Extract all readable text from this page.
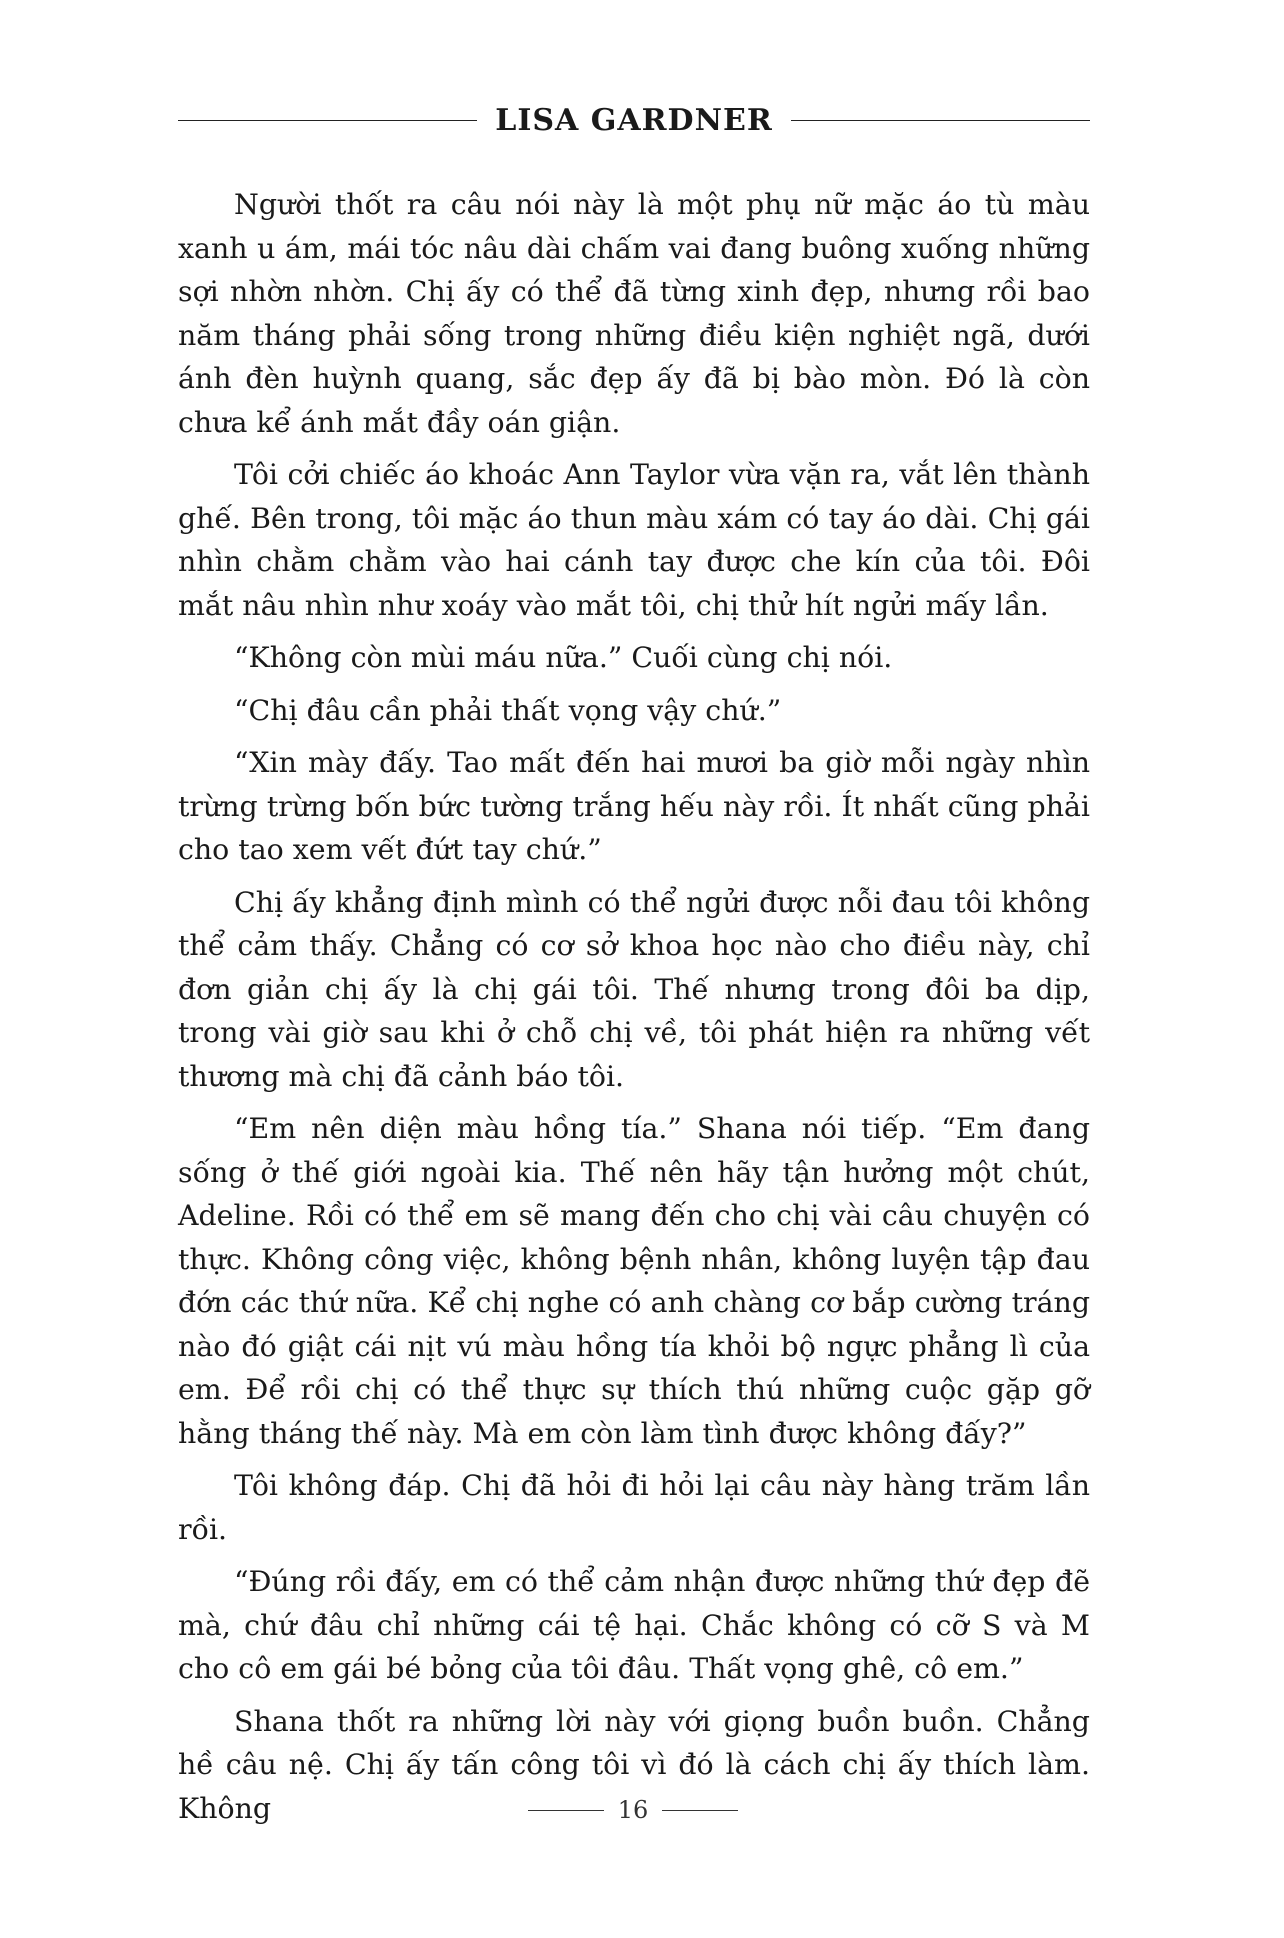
LISA GARDNER

Người thốt ra câu nói này là một phụ nữ mặc áo tù màu xanh u ám, mái tóc nâu dài chấm vai đang buông xuống những sợi nhờn nhờn. Chị ấy có thể đã từng xinh đẹp, nhưng rồi bao năm tháng phải sống trong những điều kiện nghiệt ngã, dưới ánh đèn huỳnh quang, sắc đẹp ấy đã bị bào mòn. Đó là còn chưa kể ánh mắt đầy oán giận.

Tôi cởi chiếc áo khoác Ann Taylor vừa vặn ra, vắt lên thành ghế. Bên trong, tôi mặc áo thun màu xám có tay áo dài. Chị gái nhìn chằm chằm vào hai cánh tay được che kín của tôi. Đôi mắt nâu nhìn như xoáy vào mắt tôi, chị thử hít ngửi mấy lần.

“Không còn mùi máu nữa.” Cuối cùng chị nói.

“Chị đâu cần phải thất vọng vậy chứ.”

“Xin mày đấy. Tao mất đến hai mươi ba giờ mỗi ngày nhìn trừng trừng bốn bức tường trắng hếu này rồi. Ít nhất cũng phải cho tao xem vết đứt tay chứ.”

Chị ấy khẳng định mình có thể ngửi được nỗi đau tôi không thể cảm thấy. Chẳng có cơ sở khoa học nào cho điều này, chỉ đơn giản chị ấy là chị gái tôi. Thế nhưng trong đôi ba dịp, trong vài giờ sau khi ở chỗ chị về, tôi phát hiện ra những vết thương mà chị đã cảnh báo tôi.

“Em nên diện màu hồng tía.” Shana nói tiếp. “Em đang sống ở thế giới ngoài kia. Thế nên hãy tận hưởng một chút, Adeline. Rồi có thể em sẽ mang đến cho chị vài câu chuyện có thực. Không công việc, không bệnh nhân, không luyện tập đau đớn các thứ nữa. Kể chị nghe có anh chàng cơ bắp cường tráng nào đó giật cái nịt vú màu hồng tía khỏi bộ ngực phẳng lì của em. Để rồi chị có thể thực sự thích thú những cuộc gặp gỡ hằng tháng thế này. Mà em còn làm tình được không đấy?”

Tôi không đáp. Chị đã hỏi đi hỏi lại câu này hàng trăm lần rồi.

“Đúng rồi đấy, em có thể cảm nhận được những thứ đẹp đẽ mà, chứ đâu chỉ những cái tệ hại. Chắc không có cỡ S và M cho cô em gái bé bỏng của tôi đâu. Thất vọng ghê, cô em.”

Shana thốt ra những lời này với giọng buồn buồn. Chẳng hề câu nệ. Chị ấy tấn công tôi vì đó là cách chị ấy thích làm. Không	16
